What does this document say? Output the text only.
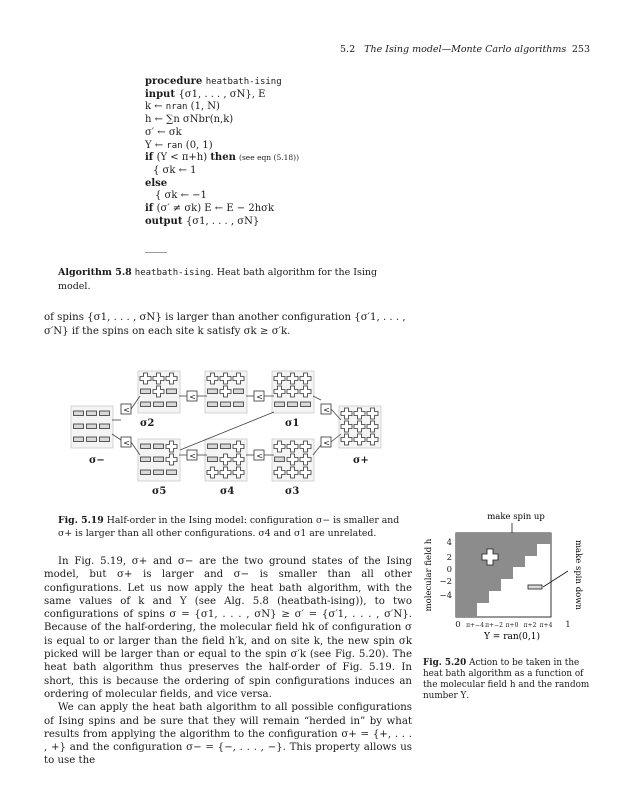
5.2 The Ising model—Monte Carlo algorithms 253
procedure heatbath-ising
input {σ1, . . . , σN}, E
k ← nran (1, N)
h ← ∑n σNbr(n,k)
σ′ ← σk
Υ ← ran (0, 1)
if (Υ < π+h) then (see eqn (5.18))
{ σk ← 1
else
{ σk ← −1
if (σ′ ≠ σk) E ← E − 2hσk
output {σ1, . . . , σN}
Algorithm 5.8 heatbath-ising. Heat bath algorithm for the Ising model.
of spins {σ1, . . . , σN} is larger than another configuration {σ′1, . . . , σ′N} if the spins on each site k satisfy σk ≥ σ′k.
σ2	σ1
σ−	σ+
σ5	σ4	σ3
<
<	<
<
<
<	<
<
Fig. 5.19 Half-order in the Ising model: configuration σ− is smaller and σ+ is larger than all other configurations. σ4 and σ1 are unrelated.

In Fig. 5.19, σ+ and σ− are the two ground states of the Ising model, but σ+ is larger and σ− is smaller than all other configurations. Let us now apply the heat bath algorithm, with the same values of k and Υ (see Alg. 5.8 (heatbath-ising)), to two configurations of spins σ = {σ1, . . . , σN} ≥ σ′ = {σ′1, . . . , σ′N}. Because of the half-ordering, the molecular field hk of configuration σ is equal to or larger than the field h′k, and on site k, the new spin σk picked will be larger than or equal to the spin σ′k (see Fig. 5.20). The heat bath algorithm thus preserves the half-order of Fig. 5.19. In short, this is because the ordering of spin configurations induces an ordering of molecular fields, and vice versa.

We can apply the heat bath algorithm to all possible configurations of Ising spins and be sure that they will remain “herded in” by what results from applying the algorithm to the configuration σ+ = {+, . . . , +} and the configuration σ− = {−, . . . , −}. This property allows us to use the

make spin up
4
2
0
−2
−4
0 π+−4 π+−2 π+0 π+2 π+4 1
Υ = ran(0,1)
molecular field h	make spin down
Fig. 5.20 Action to be taken in the heat bath algorithm as a function of the molecular field h and the random number Υ.
